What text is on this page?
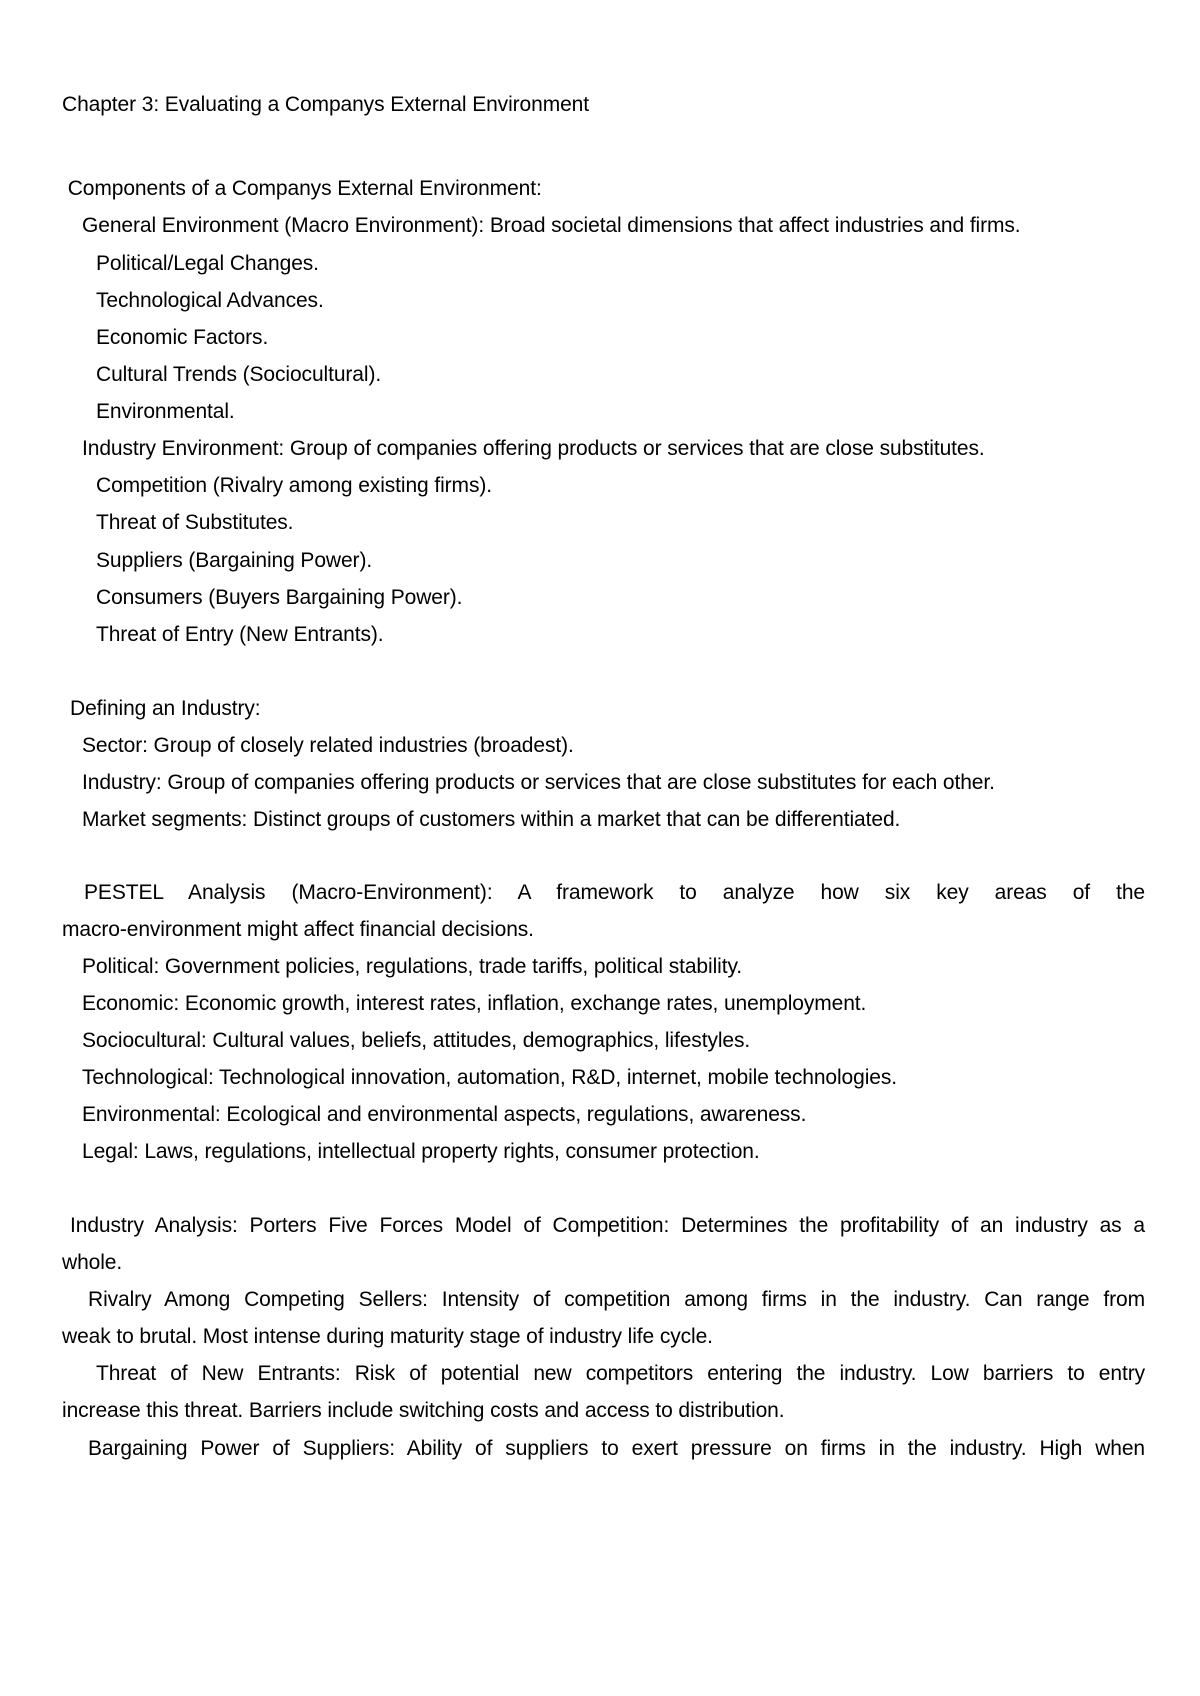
Chapter 3: Evaluating a Companys External Environment
Components of a Companys External Environment:
General Environment (Macro Environment): Broad societal dimensions that affect industries and firms.
Political/Legal Changes.
Technological Advances.
Economic Factors.
Cultural Trends (Sociocultural).
Environmental.
Industry Environment: Group of companies offering products or services that are close substitutes.
Competition (Rivalry among existing firms).
Threat of Substitutes.
Suppliers (Bargaining Power).
Consumers (Buyers Bargaining Power).
Threat of Entry (New Entrants).
Defining an Industry:
Sector: Group of closely related industries (broadest).
Industry: Group of companies offering products or services that are close substitutes for each other.
Market segments: Distinct groups of customers within a market that can be differentiated.
PESTEL Analysis (Macro-Environment): A framework to analyze how six key areas of the
macro-environment might affect financial decisions.
Political: Government policies, regulations, trade tariffs, political stability.
Economic: Economic growth, interest rates, inflation, exchange rates, unemployment.
Sociocultural: Cultural values, beliefs, attitudes, demographics, lifestyles.
Technological: Technological innovation, automation, R&D, internet, mobile technologies.
Environmental: Ecological and environmental aspects, regulations, awareness.
Legal: Laws, regulations, intellectual property rights, consumer protection.
Industry Analysis: Porters Five Forces Model of Competition: Determines the profitability of an industry as a
whole.
Rivalry Among Competing Sellers: Intensity of competition among firms in the industry. Can range from
weak to brutal. Most intense during maturity stage of industry life cycle.
Threat of New Entrants: Risk of potential new competitors entering the industry. Low barriers to entry
increase this threat. Barriers include switching costs and access to distribution.
Bargaining Power of Suppliers: Ability of suppliers to exert pressure on firms in the industry. High when
